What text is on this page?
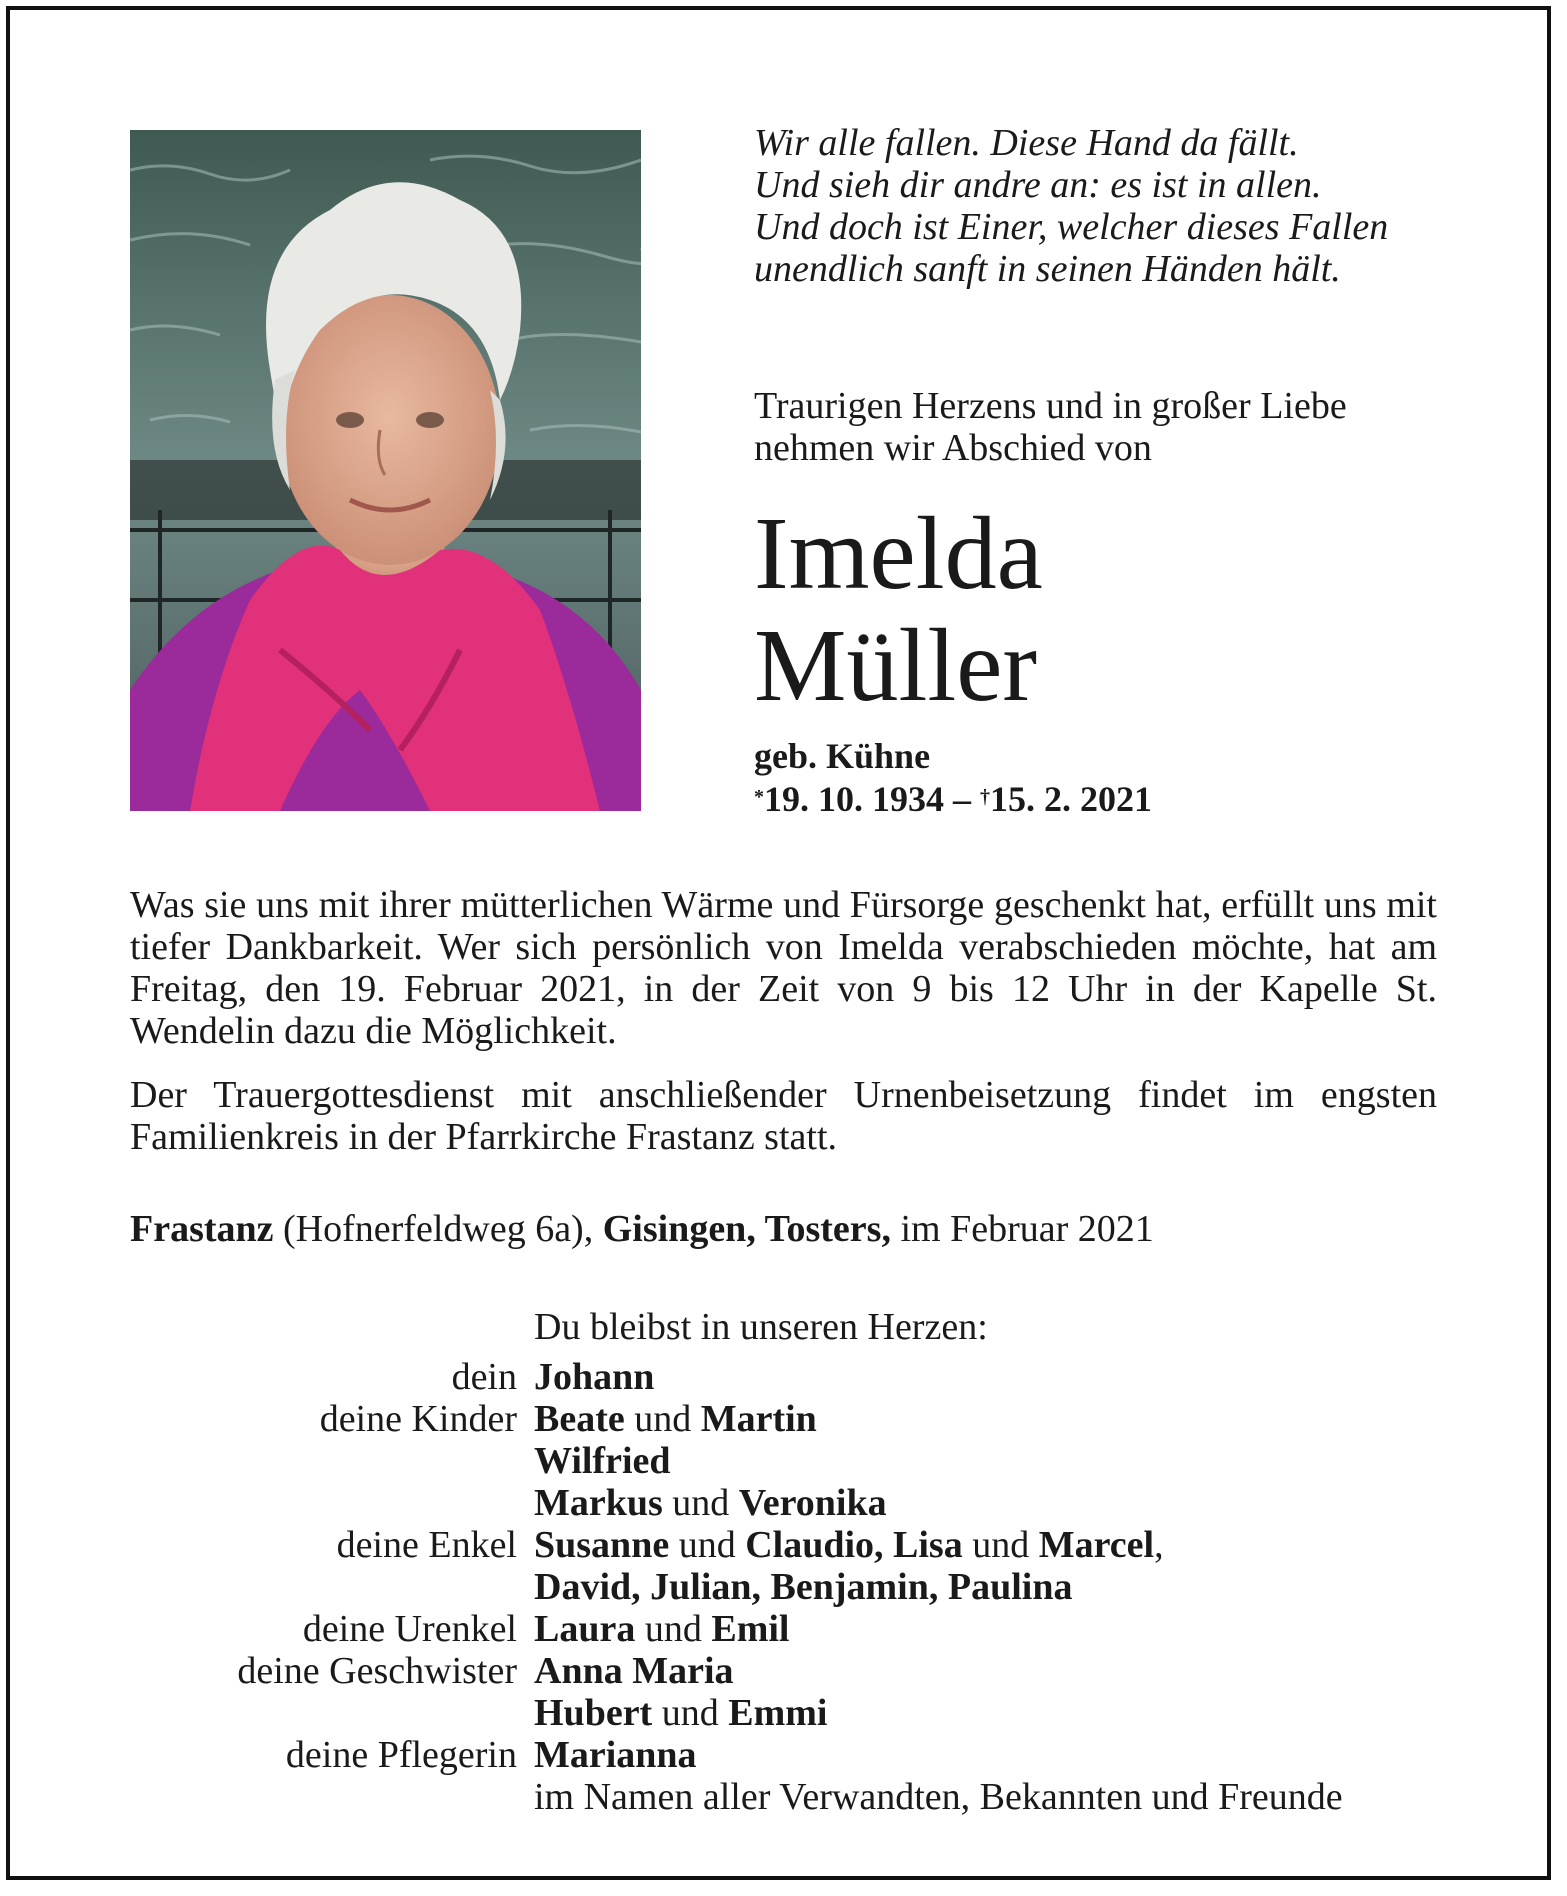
Wir alle fallen. Diese Hand da fällt.
Und sieh dir andre an: es ist in allen.
Und doch ist Einer, welcher dieses Fallen
unendlich sanft in seinen Händen hält.
Traurigen Herzens und in großer Liebe
nehmen wir Abschied von
Imelda
Müller
geb. Kühne
*19. 10. 1934 – †15. 2. 2021
Was sie uns mit ihrer mütterlichen Wärme und Fürsorge geschenkt hat, erfüllt uns mit tiefer Dankbarkeit. Wer sich persönlich von Imelda verabschieden möchte, hat am Freitag, den 19. Februar 2021, in der Zeit von 9 bis 12 Uhr in der Kapelle St. Wendelin dazu die Möglichkeit.
Der Trauergottesdienst mit anschließender Urnenbeisetzung findet im engsten Familienkreis in der Pfarrkirche Frastanz statt.
Frastanz (Hofnerfeldweg 6a), Gisingen, Tosters, im Februar 2021
Du bleibst in unseren Herzen:
dein Johann
deine Kinder Beate und Martin
Wilfried
Markus und Veronika
deine Enkel Susanne und Claudio, Lisa und Marcel,
David, Julian, Benjamin, Paulina
deine Urenkel Laura und Emil
deine Geschwister Anna Maria
Hubert und Emmi
deine Pflegerin Marianna
im Namen aller Verwandten, Bekannten und Freunde
